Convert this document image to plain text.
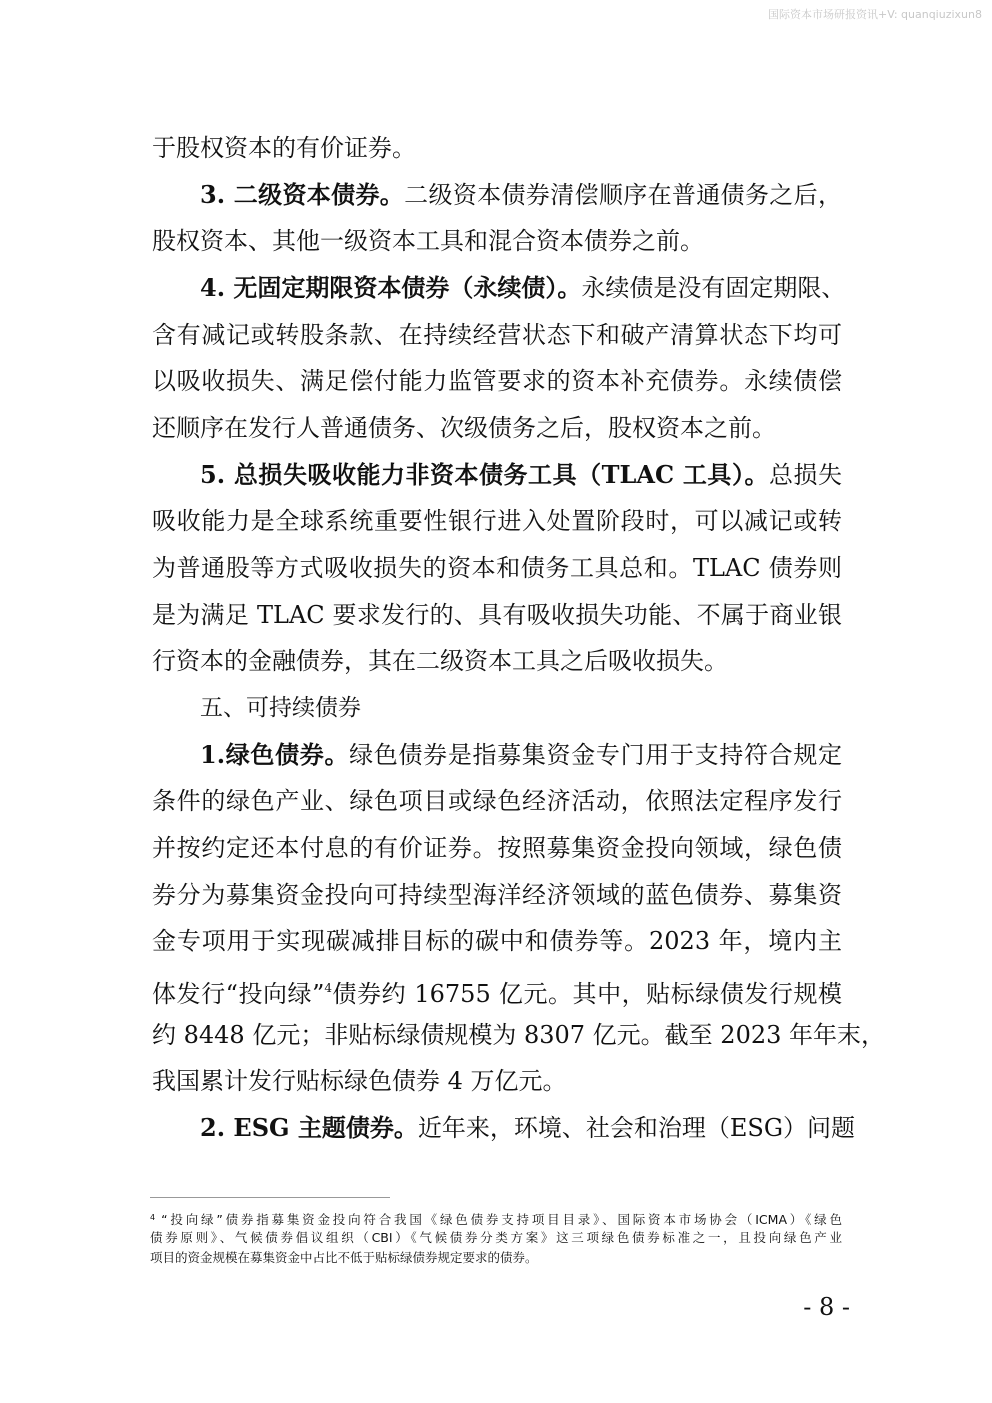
国际资本市场研报资讯+V: quanqiuzixun8
于股权资本的有价证券。
3. 二级资本债券。二级资本债券清偿顺序在普通债务之后，
股权资本、其他一级资本工具和混合资本债券之前。
4. 无固定期限资本债券（永续债）。永续债是没有固定期限、
含有减记或转股条款、在持续经营状态下和破产清算状态下均可
以吸收损失、满足偿付能力监管要求的资本补充债券。永续债偿
还顺序在发行人普通债务、次级债务之后，股权资本之前。
5. 总损失吸收能力非资本债务工具（TLAC 工具）。总损失
吸收能力是全球系统重要性银行进入处置阶段时，可以减记或转
为普通股等方式吸收损失的资本和债务工具总和。TLAC 债券则
是为满足 TLAC 要求发行的、具有吸收损失功能、不属于商业银
行资本的金融债券，其在二级资本工具之后吸收损失。
五、可持续债券
1.绿色债券。绿色债券是指募集资金专门用于支持符合规定
条件的绿色产业、绿色项目或绿色经济活动，依照法定程序发行
并按约定还本付息的有价证券。按照募集资金投向领域，绿色债
券分为募集资金投向可持续型海洋经济领域的蓝色债券、募集资
金专项用于实现碳减排目标的碳中和债券等。2023 年，境内主
体发行“投向绿”$^4$债券约 16755 亿元。其中，贴标绿债发行规模
约 8448 亿元；非贴标绿债规模为 8307 亿元。截至 2023 年年末，
我国累计发行贴标绿色债券 4 万亿元。
2. ESG 主题债券。近年来，环境、社会和治理（ESG）问题
$^4$ “投向绿”债券指募集资金投向符合我国《绿色债券支持项目目录》、国际资本市场协会（ICMA）《绿色
债券原则》、气候债券倡议组织（CBI）《气候债券分类方案》这三项绿色债券标准之一，且投向绿色产业
项目的资金规模在募集资金中占比不低于贴标绿债券规定要求的债券。
- 8 -
